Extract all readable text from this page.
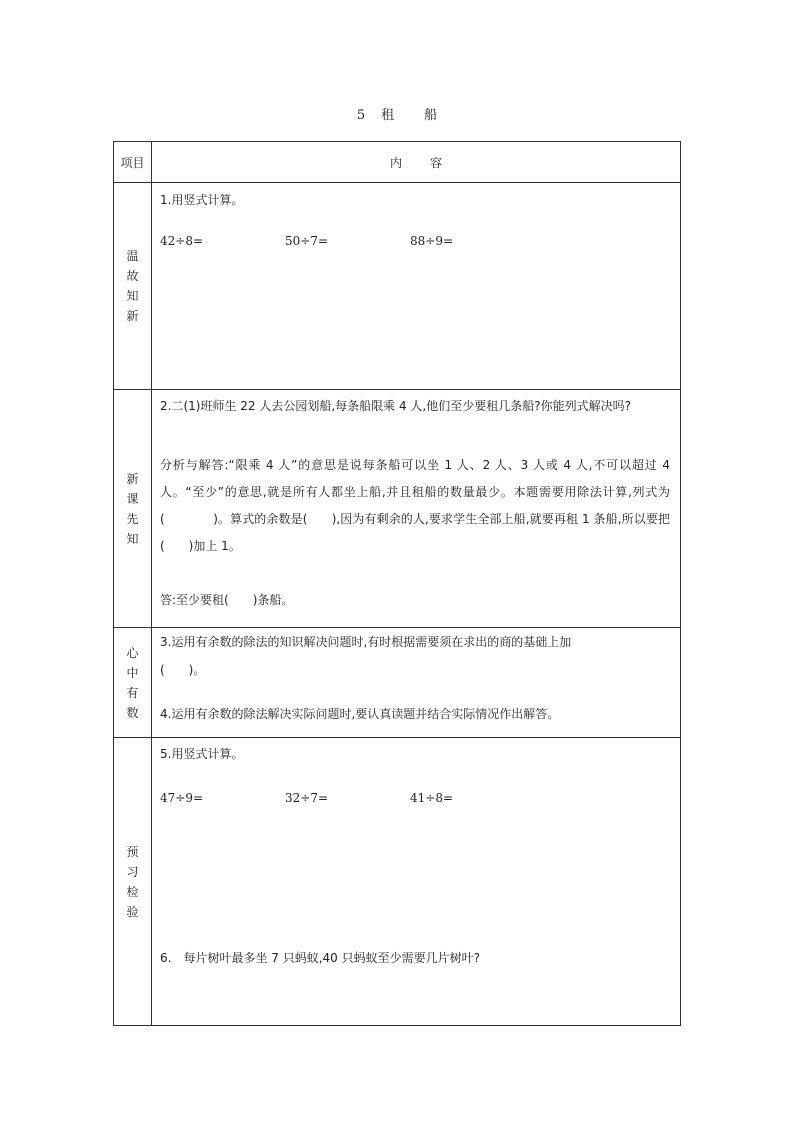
5 租 船
项目	内 容
温故知新	1.用竖式计算。
42÷8= 50÷7= 88÷9=

新课先知	2.二(1)班师生 22 人去公园划船,每条船限乘 4 人,他们至少要租几条船?你能列式解决吗?
分析与解答:“限乘 4 人”的意思是说每条船可以坐 1 人、2 人、3 人或 4 人,不可以超过 4 人。“至少”的意思,就是所有人都坐上船,并且租船的数量最少。本题需要用除法计算,列式为(　　　　)。算式的余数是(　　),因为有剩余的人,要求学生全部上船,就要再租 1 条船,所以要把(　　)加上 1。
答:至少要租(　　)条船。

心中有数	3.运用有余数的除法的知识解决问题时,有时根据需要须在求出的商的基础上加
(　　)。
4.运用有余数的除法解决实际问题时,要认真读题并结合实际情况作出解答。

预习检验	5.用竖式计算。
47÷9= 32÷7= 41÷8=
6.　每片树叶最多坐 7 只蚂蚁,40 只蚂蚁至少需要几片树叶?
